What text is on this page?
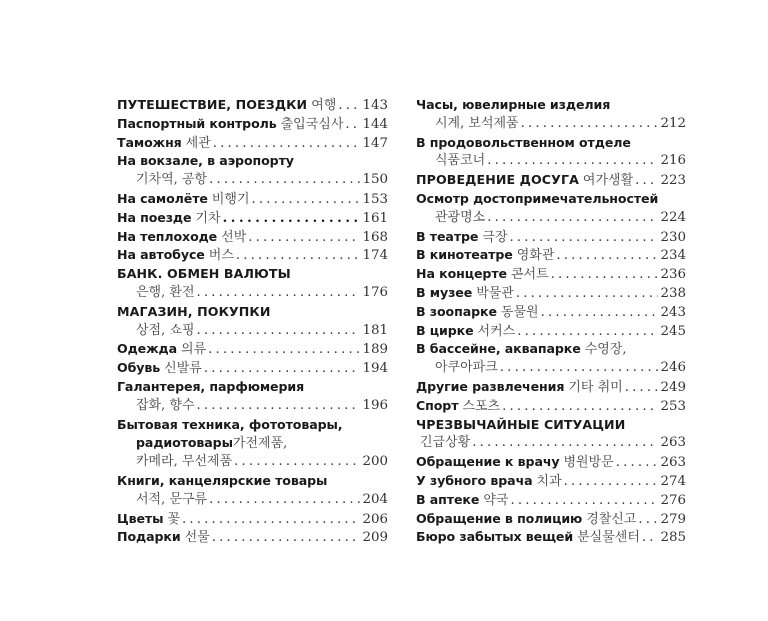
ПУТЕШЕСТВИЕ, ПОЕЗДКИ 여행 . . . 143
Паспортный контроль 출입국심사 . . . 144
Таможня 세관 . . .	147
На вокзале, в аэропорту
기차역, 공항 . . .	150
На самолёте 비행기 . . .	153
На поезде 기차 . . .	161
На теплоходе 선박 . . .	168
На автобусе 버스 . . .	174
БАНК. ОБМЕН ВАЛЮТЫ
은행, 환전 . . .	176
МАГАЗИН, ПОКУПКИ
상점, 쇼핑 . . .	181
Одежда 의류 . . .	189
Обувь 신발류 . . .	194
Галантерея, парфюмерия
잡화, 향수 . . .	196
Бытовая техника, фототовары,
радиотовары 가전제품,
카메라, 무선제품 . . .	200
Книги, канцелярские товары
서적, 문구류 . . .	204
Цветы 꽃 . . .	206
Подарки 선물 . . .	209
Часы, ювелирные изделия
시계, 보석제품 . . .	212
В продовольственном отделе
식품코너 . . .	216
ПРОВЕДЕНИЕ ДОСУГА 여가생활 . . . 223
Осмотр достопримечательностей
관광명소 . . .	224
В театре 극장 . . .	230
В кинотеатре 영화관 . . .	234
На концерте 콘서트 . . .	236
В музее 박물관 . . .	238
В зоопарке 동물원 . . .	243
В цирке 서커스 . . .	245
В бассейне, аквапарке 수영장,
아쿠아파크 . . .	246
Другие развлечения 기타 취미 . . .	249
Спорт 스포츠 . . .	253
ЧРЕЗВЫЧАЙНЫЕ СИТУАЦИИ
긴급상황 . . .	263
Обращение к врачу 병원방문 . . .	263
У зубного врача 치과 . . .	274
В аптеке 약국 . . .	276
Обращение в полицию 경찰신고 . . . 279
Бюро забытых вещей 분실물센터 . . . 285
